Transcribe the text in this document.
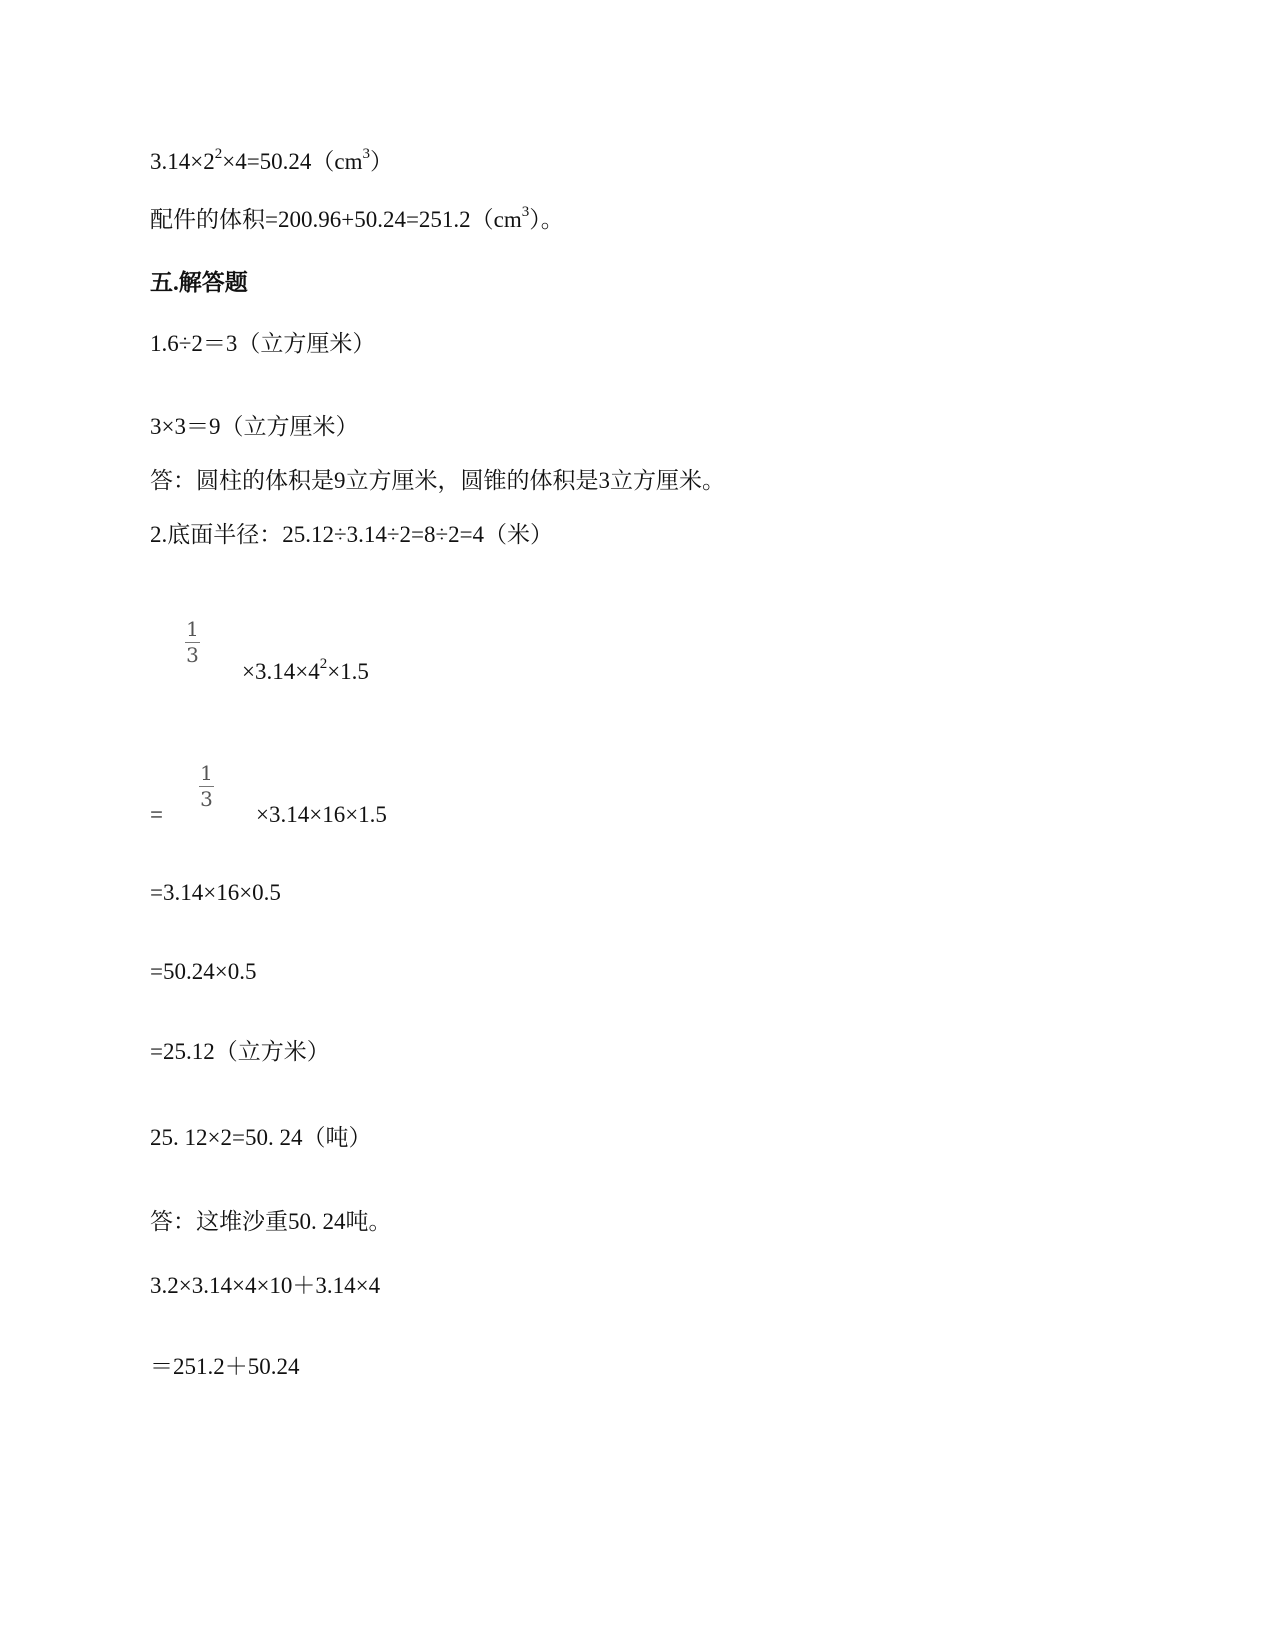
$3.14\times 2^2\times 4=50.24(cm^3)$
配件的体积$=200.96+50.24=251.2(cm^3)$。
五.解答题
1.6÷2＝3（立方厘米）
3×3＝9（立方厘米）
答：圆柱的体积是9立方厘米，圆锥的体积是3立方厘米。
2.底面半径：25.12÷3.14÷2=8÷2=4（米）
1
3
$\times 3.14\times 4^2\times 1.5$
=
1
3
×3.14×16×1.5
=3.14×16×0.5
=50.24×0.5
=25.12（立方米）
25. 12×2=50. 24（吨）
答：这堆沙重50. 24吨。
3.2×3.14×4×10＋3.14×4
＝251.2＋50.24
